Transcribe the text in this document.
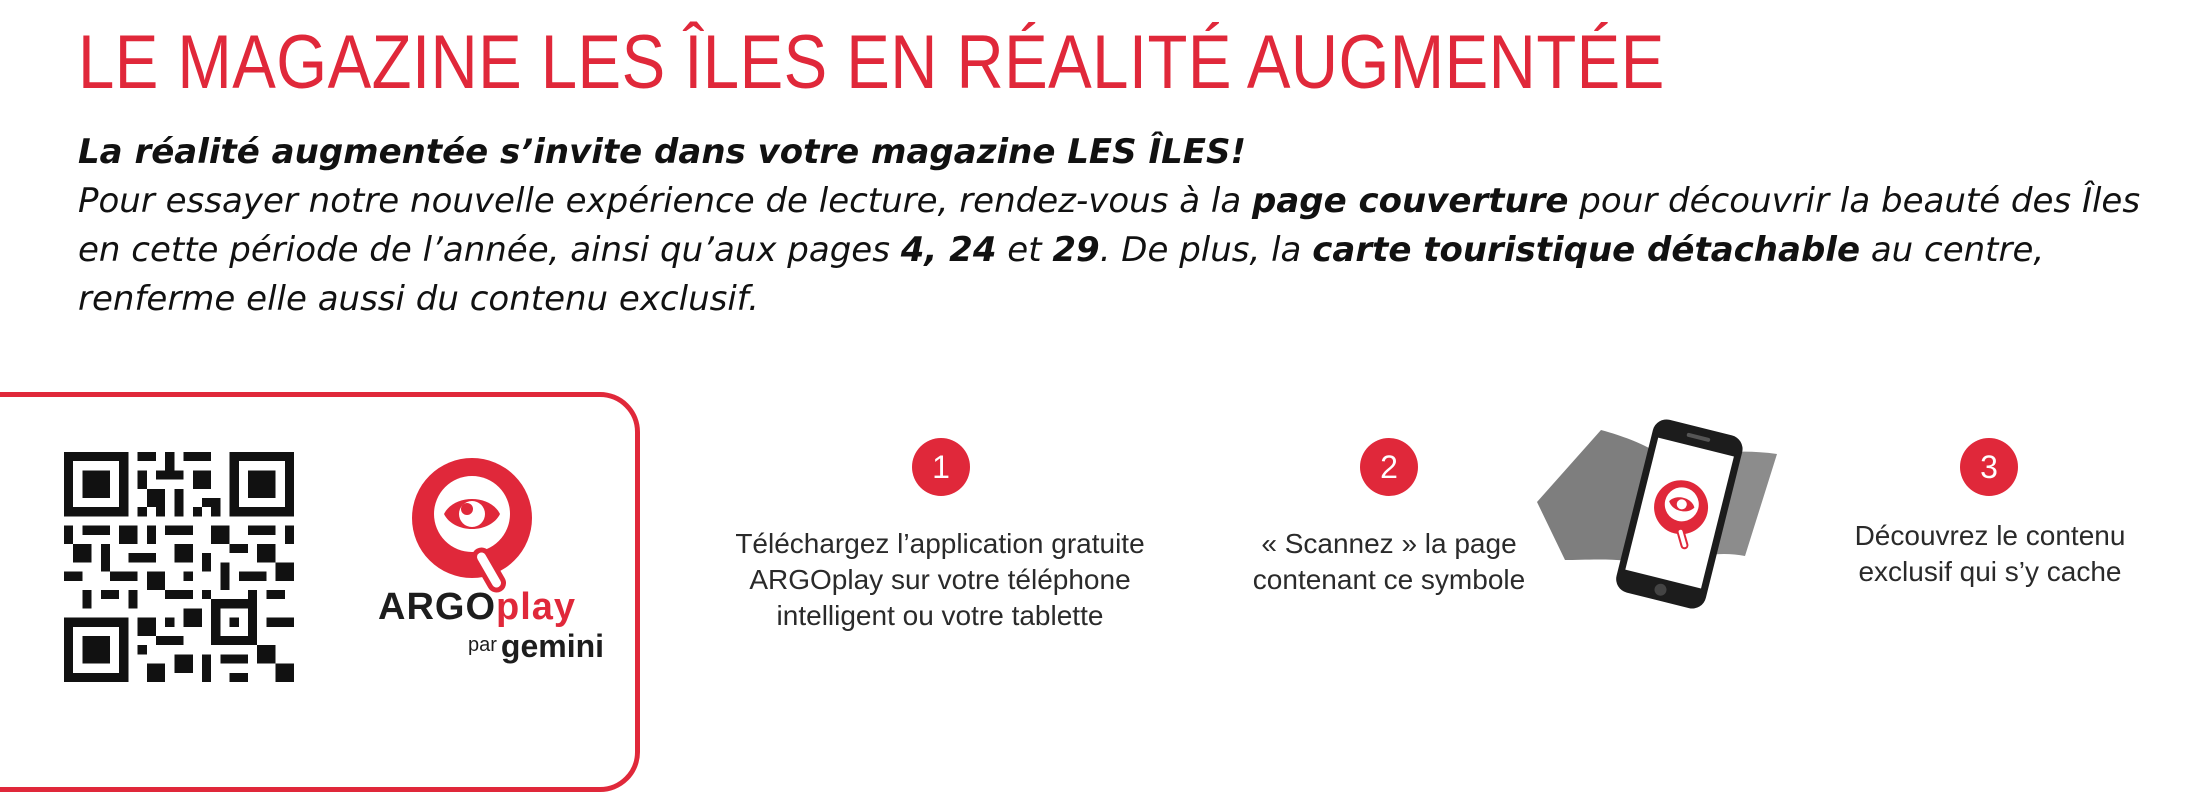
LE MAGAZINE LES ÎLES EN RÉALITÉ AUGMENTÉE
La réalité augmentée s’invite dans votre magazine LES ÎLES!
Pour essayer notre nouvelle expérience de lecture, rendez-vous à la page couverture pour découvrir la beauté des Îles en cette période de l’année, ainsi qu’aux pages 4, 24 et 29. De plus, la carte touristique détachable au centre, renferme elle aussi du contenu exclusif.
ARGOplay
par gemini
1
Téléchargez l’application gratuite
ARGOplay sur votre téléphone
intelligent ou votre tablette
2
« Scannez » la page
contenant ce symbole
3
Découvrez le contenu
exclusif qui s’y cache
